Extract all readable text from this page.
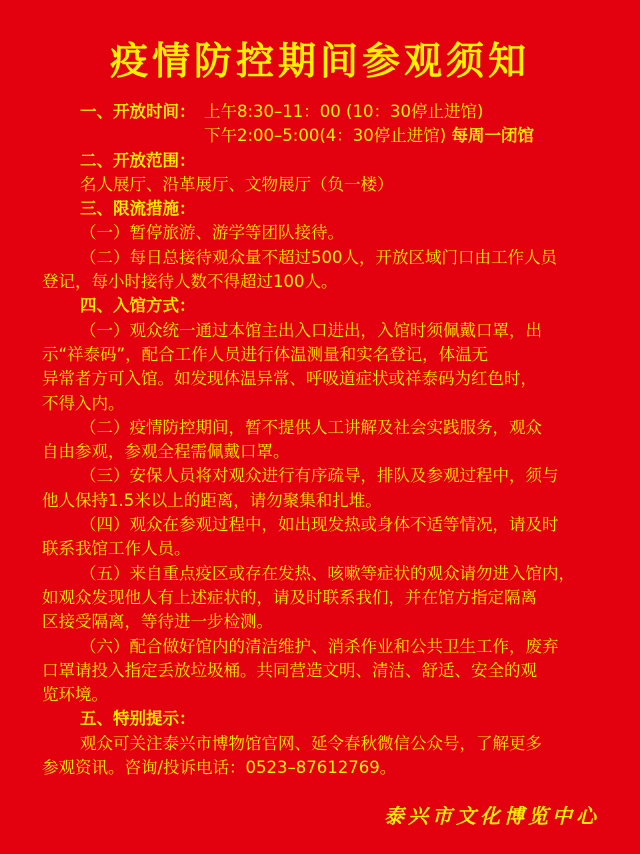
疫情防控期间参观须知
一、开放时间： 上午8:30–11：00 (10：30停止进馆)
下午2:00–5:00(4：30停止进馆) 每周一闭馆
二、开放范围：
名人展厅、沿革展厅、文物展厅（负一楼）
三、限流措施：
（一）暂停旅游、游学等团队接待。
（二）每日总接待观众量不超过500人，开放区域门口由工作人员
登记，每小时接待人数不得超过100人。
四、入馆方式：
（一）观众统一通过本馆主出入口进出，入馆时须佩戴口罩，出
示“祥泰码”，配合工作人员进行体温测量和实名登记，体温无
异常者方可入馆。如发现体温异常、呼吸道症状或祥泰码为红色时，
不得入内。
（二）疫情防控期间，暂不提供人工讲解及社会实践服务，观众
自由参观，参观全程需佩戴口罩。
（三）安保人员将对观众进行有序疏导，排队及参观过程中，须与
他人保持1.5米以上的距离，请勿聚集和扎堆。
（四）观众在参观过程中，如出现发热或身体不适等情况，请及时
联系我馆工作人员。
（五）来自重点疫区或存在发热、咳嗽等症状的观众请勿进入馆内，
如观众发现他人有上述症状的，请及时联系我们，并在馆方指定隔离
区接受隔离，等待进一步检测。
（六）配合做好馆内的清洁维护、消杀作业和公共卫生工作，废弃
口罩请投入指定丢放垃圾桶。共同营造文明、清洁、舒适、安全的观
览环境。
五、特别提示：
观众可关注泰兴市博物馆官网、延令春秋微信公众号，了解更多
参观资讯。咨询/投诉电话：0523–87612769。
泰兴市文化博览中心
